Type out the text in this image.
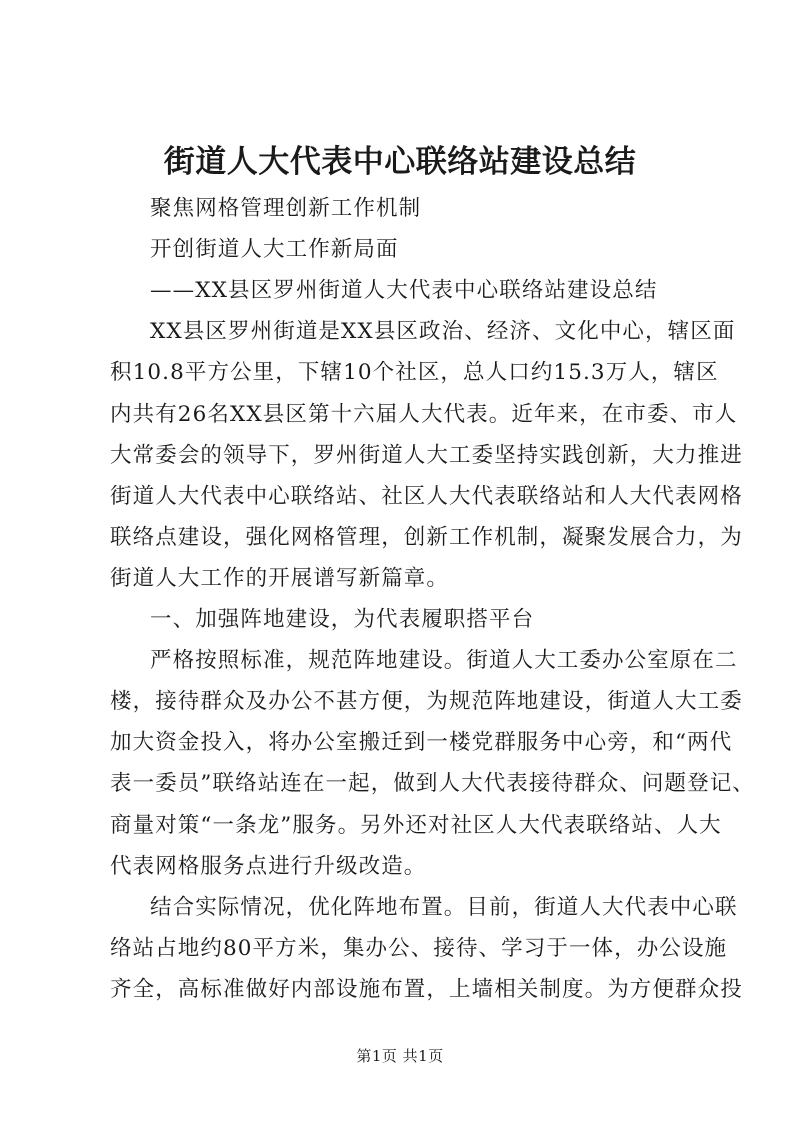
街道人大代表中心联络站建设总结

聚焦网格管理创新工作机制

开创街道人大工作新局面

——XX县区罗州街道人大代表中心联络站建设总结

XX县区罗州街道是XX县区政治、经济、文化中心，辖区面

积10.8平方公里，下辖10个社区，总人口约15.3万人，辖区

内共有26名XX县区第十六届人大代表。近年来，在市委、市人

大常委会的领导下，罗州街道人大工委坚持实践创新，大力推进

街道人大代表中心联络站、社区人大代表联络站和人大代表网格

联络点建设，强化网格管理，创新工作机制，凝聚发展合力，为

街道人大工作的开展谱写新篇章。

一、加强阵地建设，为代表履职搭平台

严格按照标准，规范阵地建设。街道人大工委办公室原在二

楼，接待群众及办公不甚方便，为规范阵地建设，街道人大工委

加大资金投入，将办公室搬迁到一楼党群服务中心旁，和“两代

表一委员”联络站连在一起，做到人大代表接待群众、问题登记、

商量对策“一条龙”服务。另外还对社区人大代表联络站、人大

代表网格服务点进行升级改造。

结合实际情况，优化阵地布置。目前，街道人大代表中心联

络站占地约80平方米，集办公、接待、学习于一体，办公设施

齐全，高标准做好内部设施布置，上墙相关制度。为方便群众投

第1页 共1页
